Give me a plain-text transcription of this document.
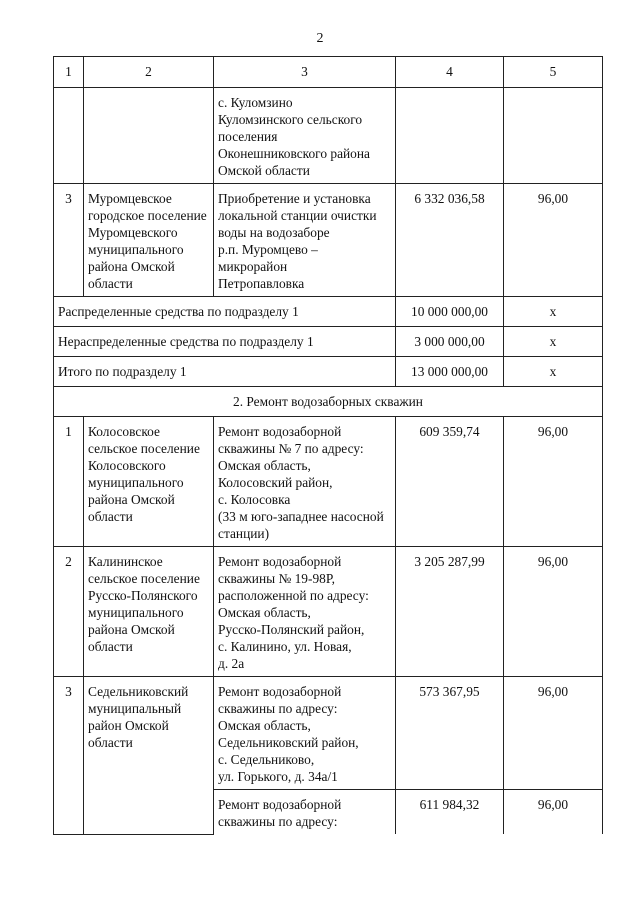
2
1	2	3	4	5
		с. Куломзино
Куломзинского сельского поселения
Оконешниковского района
Омской области		
3	Муромцевское городское поселение Муромцевского муниципального района Омской области	Приобретение и установка локальной станции очистки воды на водозаборе
р.п. Муромцево –
микрорайон
Петропавловка	6 332 036,58	96,00
Распределенные средства по подразделу 1			10 000 000,00	x
Нераспределенные средства по подразделу 1			3 000 000,00	x
Итого по подразделу 1			13 000 000,00	x
2. Ремонт водозаборных скважин				
1	Колосовское сельское поселение Колосовского муниципального района Омской области	Ремонт водозаборной скважины № 7 по адресу:
Омская область,
Колосовский район,
с. Колосовка
(33 м юго-западнее насосной станции)	609 359,74	96,00
2	Калининское сельское поселение Русско-Полянского муниципального района Омской области	Ремонт водозаборной скважины № 19-98Р, расположенной по адресу:
Омская область,
Русско-Полянский район,
с. Калинино, ул. Новая,
д. 2а	3 205 287,99	96,00
3	Седельниковский муниципальный район Омской области	Ремонт водозаборной скважины по адресу:
Омская область,
Седельниковский район,
с. Седельниково,
ул. Горького, д. 34а/1	573 367,95	96,00
		Ремонт водозаборной скважины по адресу:	611 984,32	96,00
